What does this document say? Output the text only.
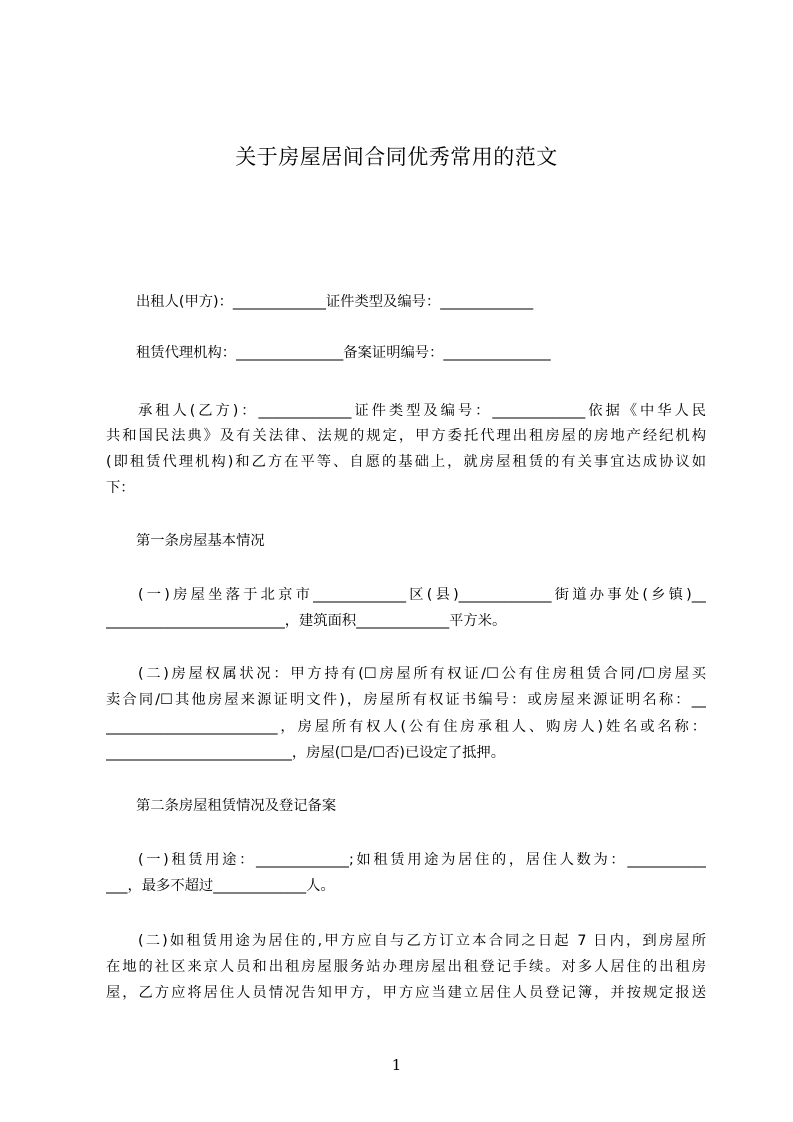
关于房屋居间合同优秀常用的范文
出租人(甲方)：_____________证件类型及编号：_____________
租赁代理机构：_______________备案证明编号：_______________
承租人(乙方)：_____________证件类型及编号：_____________依据《中华人民
共和国民法典》及有关法律、法规的规定，甲方委托代理出租房屋的房地产经纪机构
(即租赁代理机构)和乙方在平等、自愿的基础上，就房屋租赁的有关事宜达成协议如
下：
第一条房屋基本情况
(一)房屋坐落于北京市_____________区(县)_____________街道办事处(乡镇)__
_________________________，建筑面积_____________平方米。
(二)房屋权属状况：甲方持有(☐房屋所有权证/☐公有住房租赁合同/☐房屋买
卖合同/☐其他房屋来源证明文件)，房屋所有权证书编号：或房屋来源证明名称：__
________________________，房屋所有权人(公有住房承租人、购房人)姓名或名称：
__________________________，房屋(☐是/☐否)已设定了抵押。
第二条房屋租赁情况及登记备案
(一)租赁用途：_____________;如租赁用途为居住的，居住人数为：___________
___，最多不超过_____________人。
(二)如租赁用途为居住的,甲方应自与乙方订立本合同之日起 7 日内，到房屋所
在地的社区来京人员和出租房屋服务站办理房屋出租登记手续。对多人居住的出租房
屋，乙方应将居住人员情况告知甲方，甲方应当建立居住人员登记簿，并按规定报送
1
